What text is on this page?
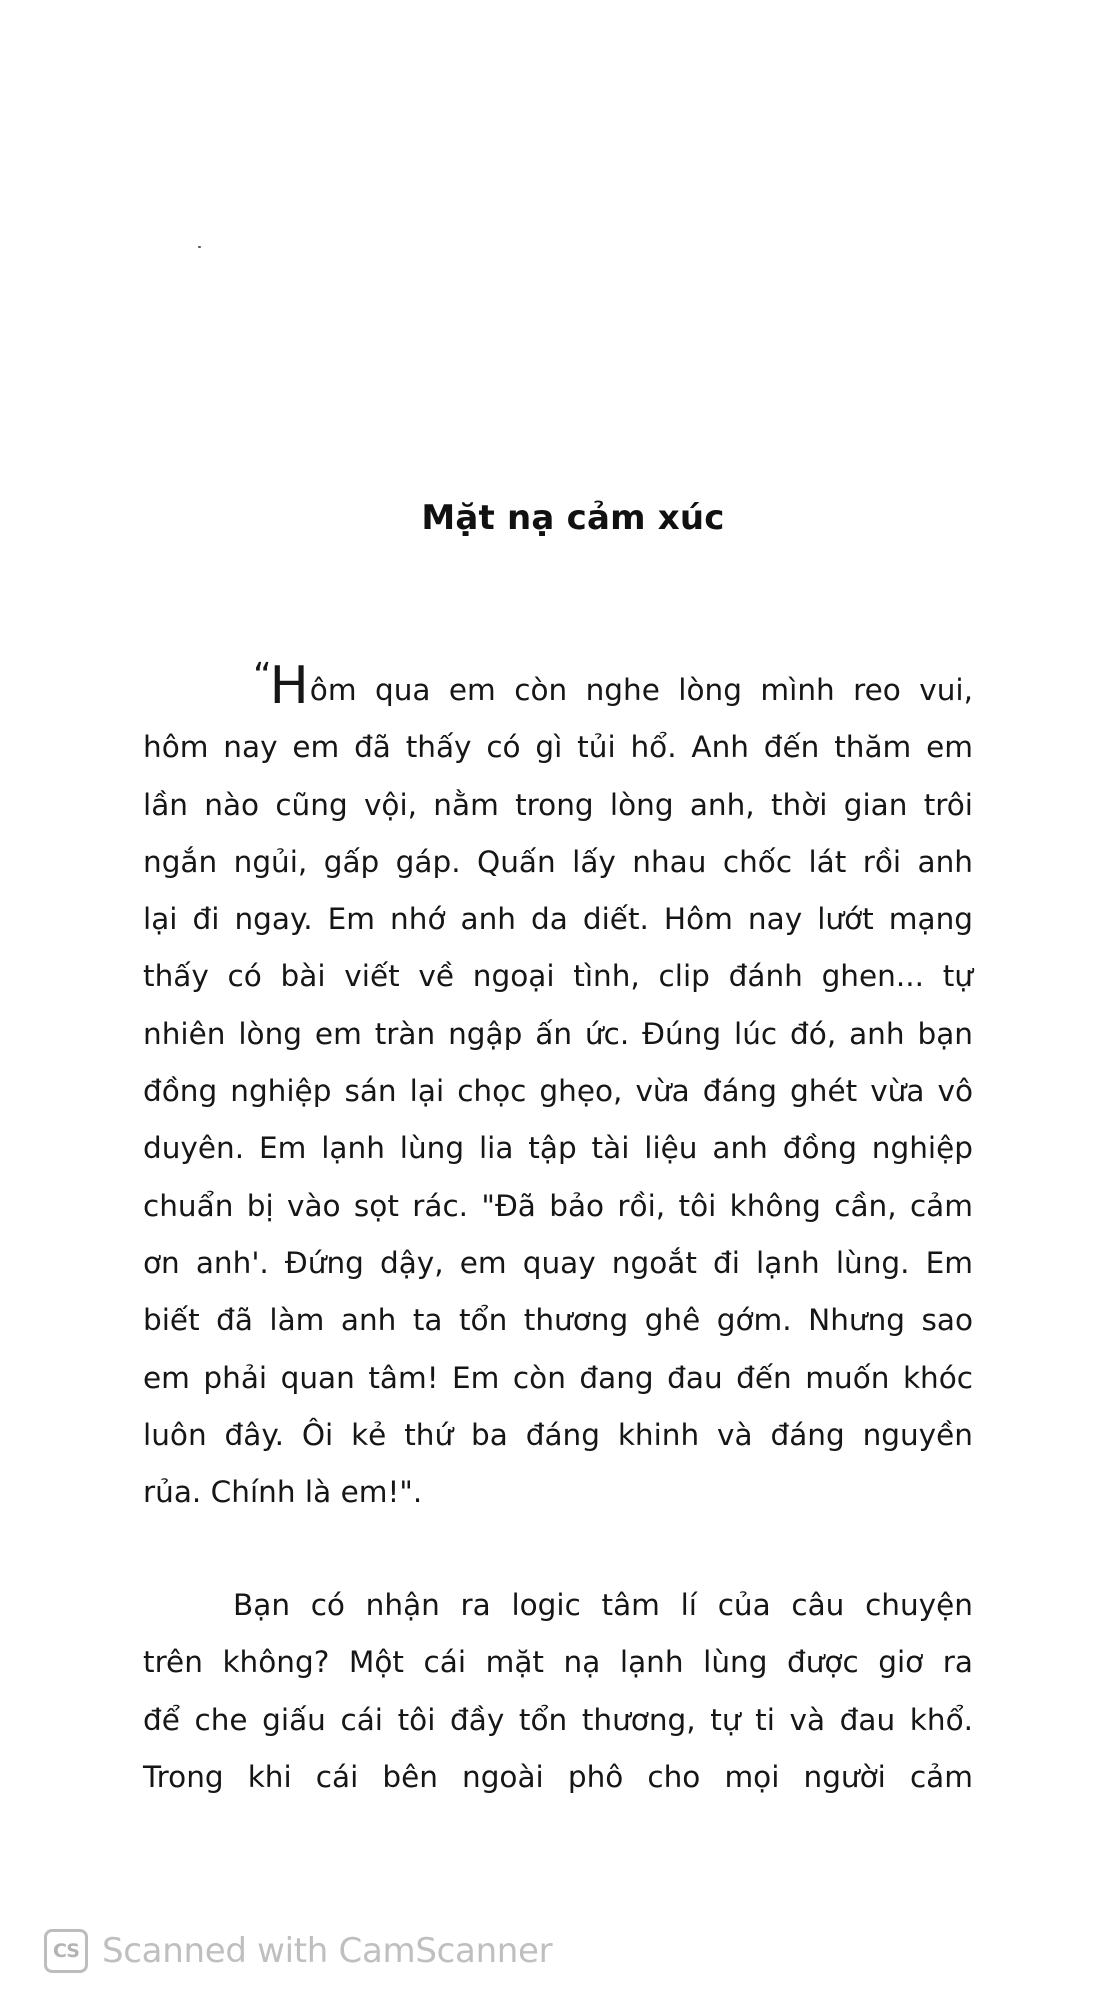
Mặt nạ cảm xúc
“Hôm qua em còn nghe lòng mình reo vui,
hôm nay em đã thấy có gì tủi hổ. Anh đến thăm em
lần nào cũng vội, nằm trong lòng anh, thời gian trôi
ngắn ngủi, gấp gáp. Quấn lấy nhau chốc lát rồi anh
lại đi ngay. Em nhớ anh da diết. Hôm nay lướt mạng
thấy có bài viết về ngoại tình, clip đánh ghen... tự
nhiên lòng em tràn ngập ấn ức. Đúng lúc đó, anh bạn
đồng nghiệp sán lại chọc ghẹo, vừa đáng ghét vừa vô
duyên. Em lạnh lùng lia tập tài liệu anh đồng nghiệp
chuẩn bị vào sọt rác. "Đã bảo rồi, tôi không cần, cảm
ơn anh'. Đứng dậy, em quay ngoắt đi lạnh lùng. Em
biết đã làm anh ta tổn thương ghê gớm. Nhưng sao
em phải quan tâm! Em còn đang đau đến muốn khóc
luôn đây. Ôi kẻ thứ ba đáng khinh và đáng nguyền
rủa. Chính là em!".
Bạn có nhận ra logic tâm lí của câu chuyện
trên không? Một cái mặt nạ lạnh lùng được giơ ra
để che giấu cái tôi đầy tổn thương, tự ti và đau khổ.
Trong khi cái bên ngoài phô cho mọi người cảm
CS Scanned with CamScanner
